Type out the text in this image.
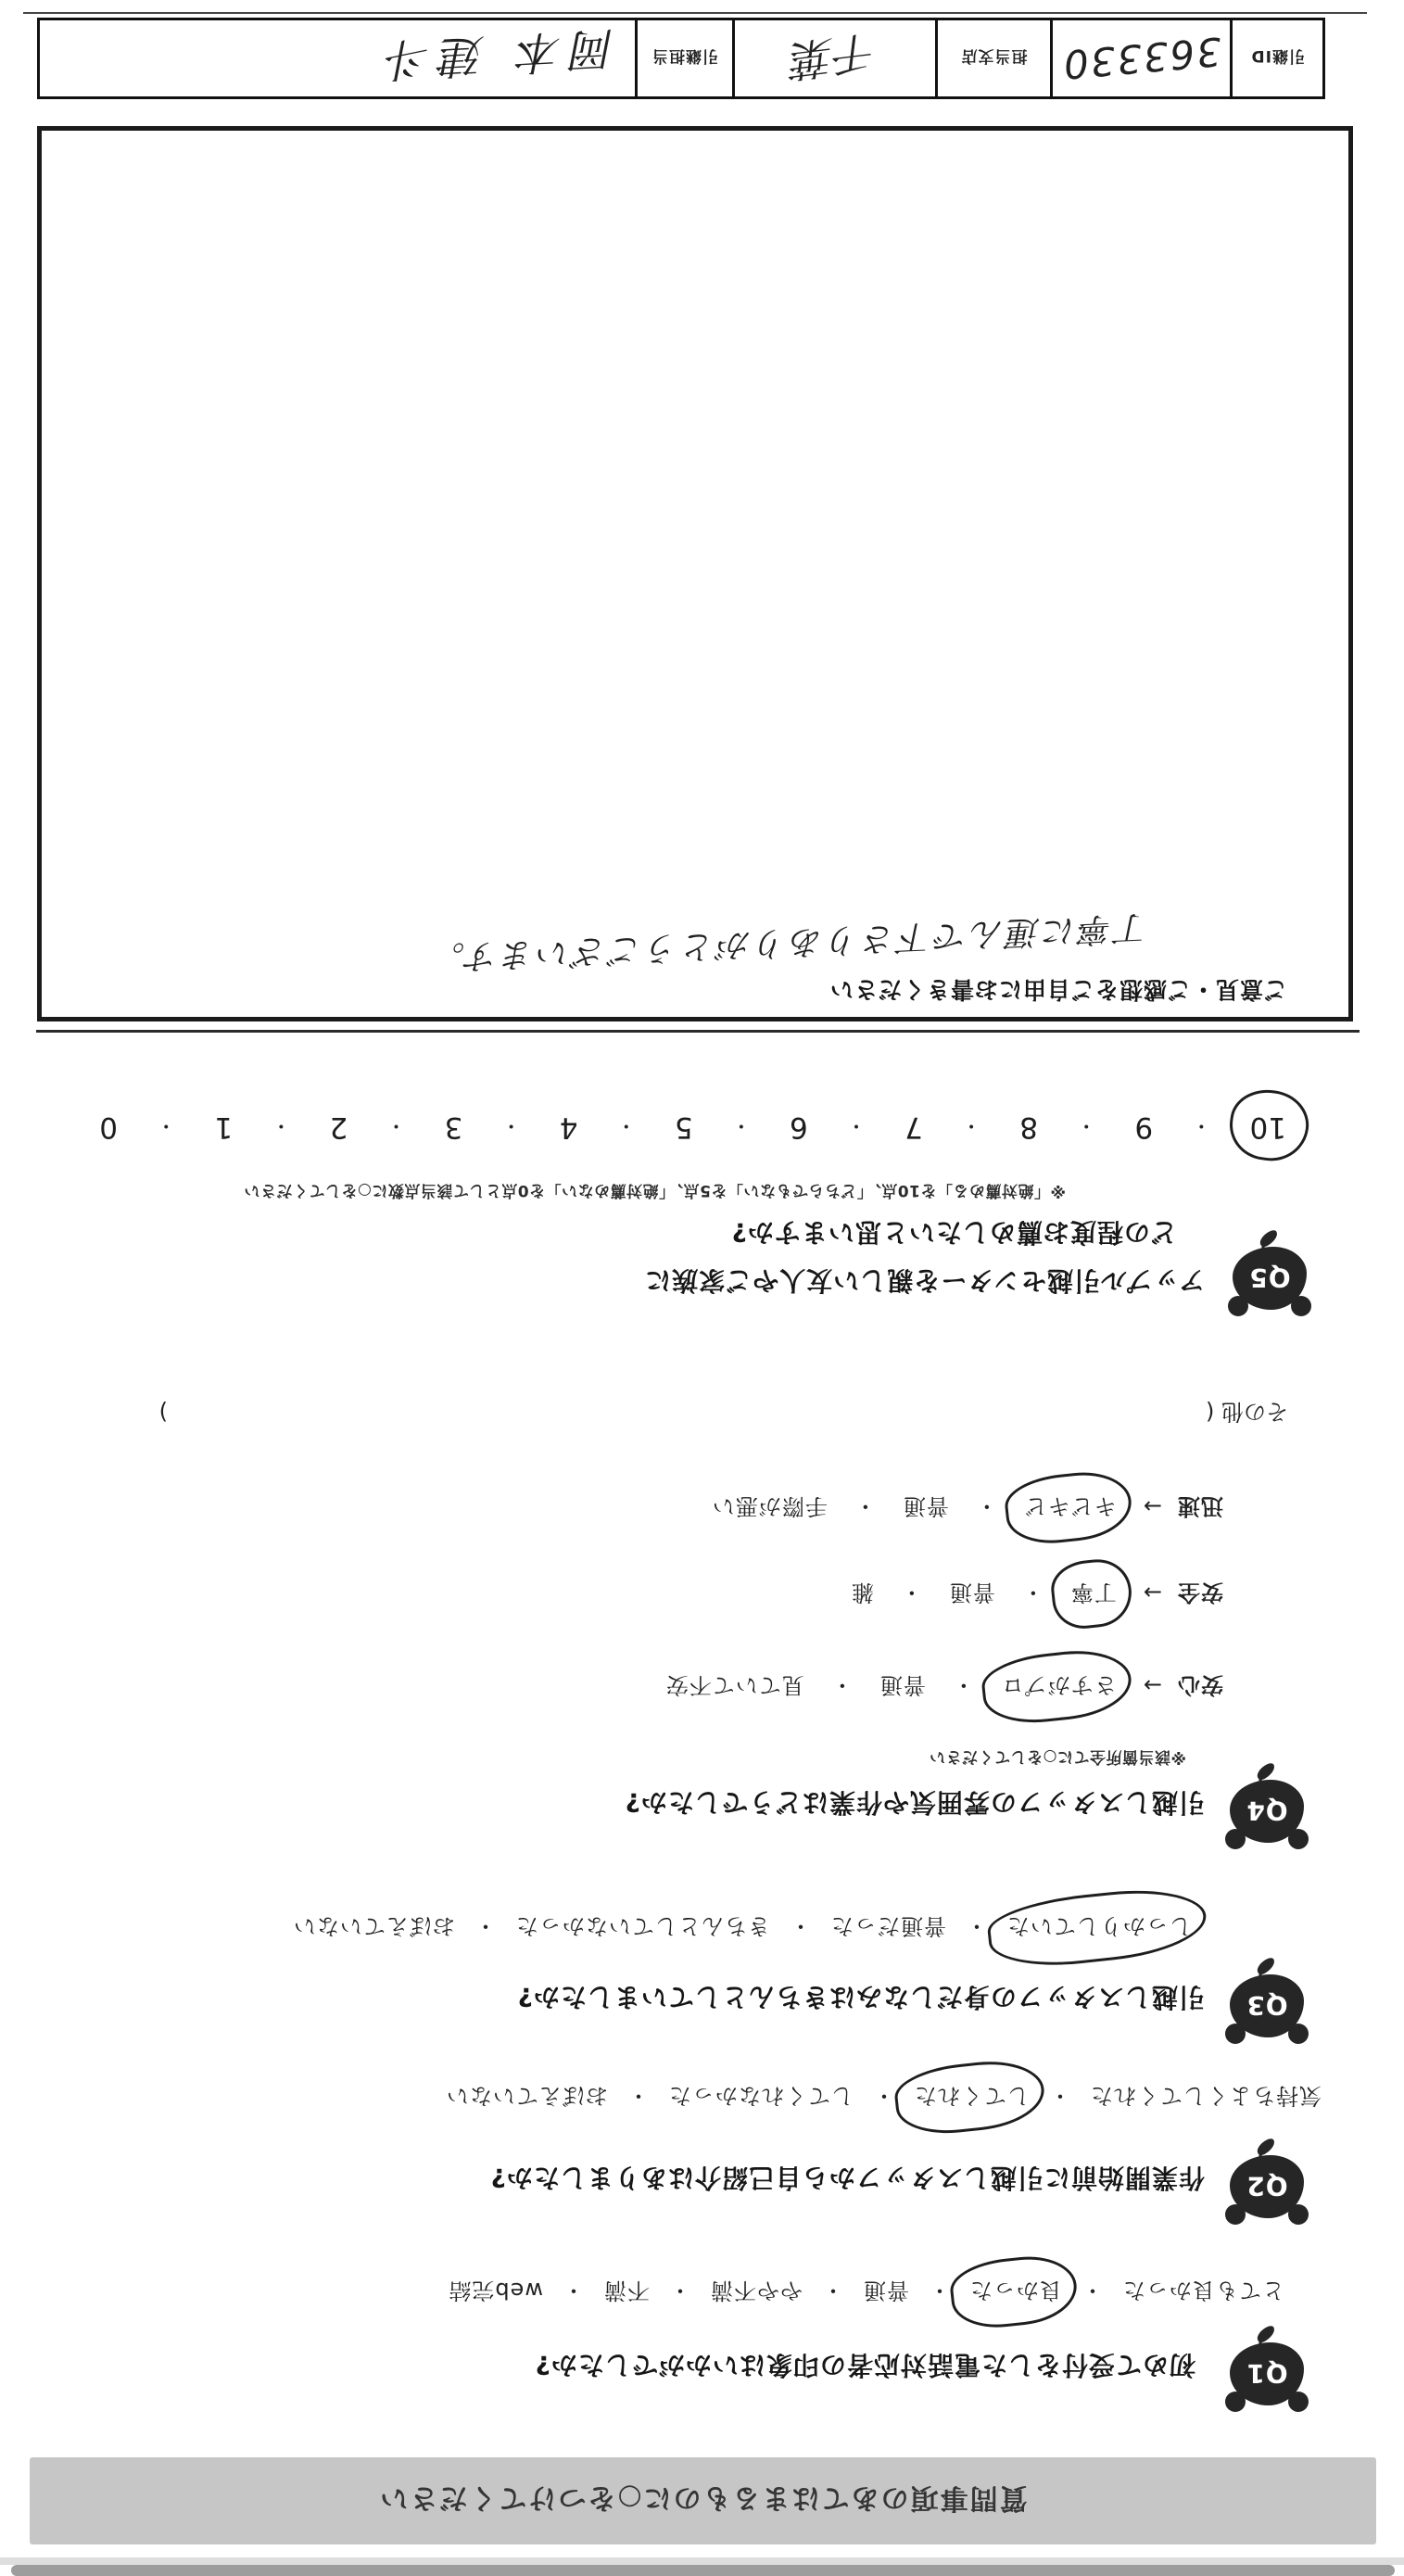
質問事項のあてはまるものに○をつけてください
Q1
初めて受付をした電話対応者の印象はいかがでしたか?
とても良かった・良かった・普通・やや不満・不満・web完結
Q2
作業開始前に引越しスタッフから自己紹介はありましたか?
気持ちよくしてくれた・してくれた・してくれなかった・おぼえていない
Q3
引越しスタッフの身だしなみはきちんとしていましたか?
しっかりしていた・普通だった・きちんとしていなかった・おぼえていない
Q4
引越しスタッフの雰囲気や作業はどうでしたか?
※該当箇所全てに○をしてください
安心→さすがプロ・普通・見ていて不安
安全→丁寧・普通・雑
迅速→キビキビ・普通・手際が悪い
その他 ()
Q5
アップル引越センターを親しい友人やご家族に
どの程度お薦めしたいと思いますか?
※「絶対薦める」を10点、「どちらでもない」を5点、「絶対薦めない」を0点として該当点数に○をしてください
10
・
9
・
8
・
7
・
6
・
5
・
4
・
3
・
2
・
1
・
0
ご意見・ご感想をご自由にお書きください
丁寧に運んで下さりありがとうございます。
引継ID
363330
担当支店
千葉
引継担当
岡本 建斗
